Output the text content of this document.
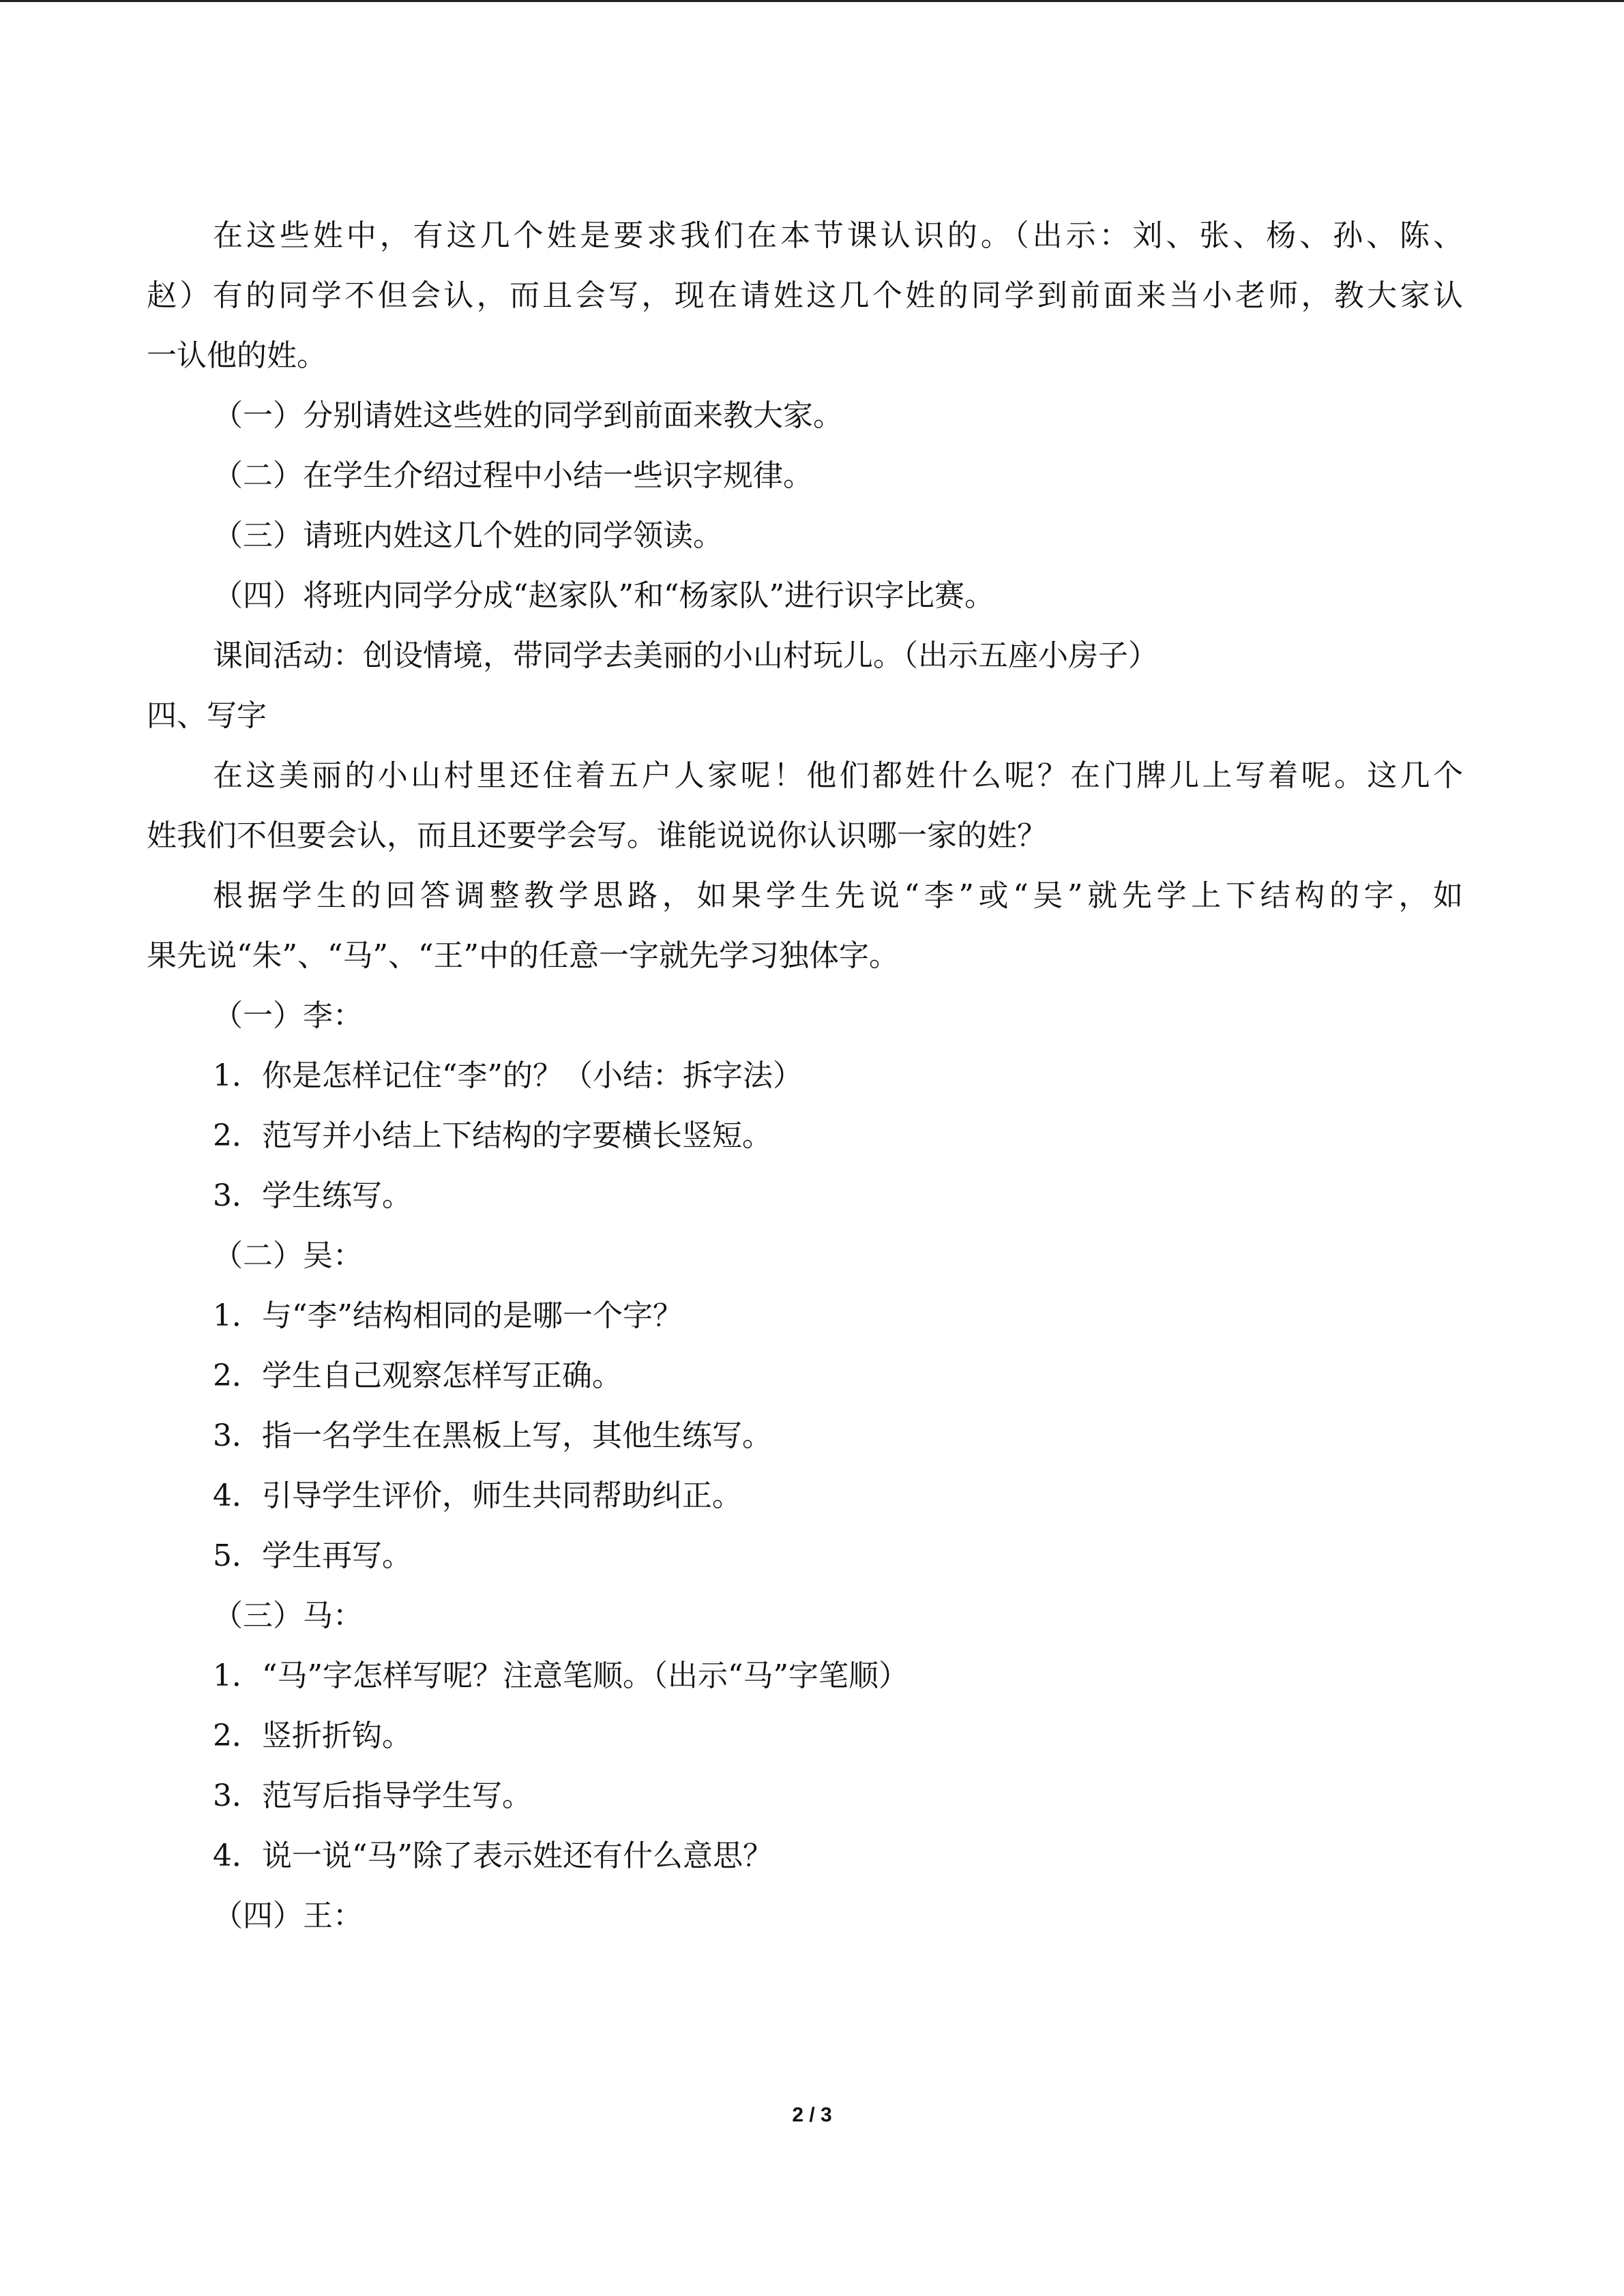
在这些姓中，有这几个姓是要求我们在本节课认识的。（出示：刘、张、杨、孙、陈、
赵）有的同学不但会认，而且会写，现在请姓这几个姓的同学到前面来当小老师，教大家认
一认他的姓。
（一）分别请姓这些姓的同学到前面来教大家。
（二）在学生介绍过程中小结一些识字规律。
（三）请班内姓这几个姓的同学领读。
（四）将班内同学分成“赵家队”和“杨家队”进行识字比赛。
课间活动：创设情境，带同学去美丽的小山村玩儿。（出示五座小房子）
四、写字
在这美丽的小山村里还住着五户人家呢！他们都姓什么呢？在门牌儿上写着呢。这几个
姓我们不但要会认，而且还要学会写。谁能说说你认识哪一家的姓？
根据学生的回答调整教学思路，如果学生先说“李”或“吴”就先学上下结构的字，如
果先说“朱”、“马”、“王”中的任意一字就先学习独体字。
（一）李：
1．你是怎样记住“李”的？（小结：拆字法）
2．范写并小结上下结构的字要横长竖短。
3．学生练写。
（二）吴：
1．与“李”结构相同的是哪一个字？
2．学生自己观察怎样写正确。
3．指一名学生在黑板上写，其他生练写。
4．引导学生评价，师生共同帮助纠正。
5．学生再写。
（三）马：
1．“马”字怎样写呢？注意笔顺。（出示“马”字笔顺）
2．竖折折钩。
3．范写后指导学生写。
4．说一说“马”除了表示姓还有什么意思？
（四）王：
2 / 3
